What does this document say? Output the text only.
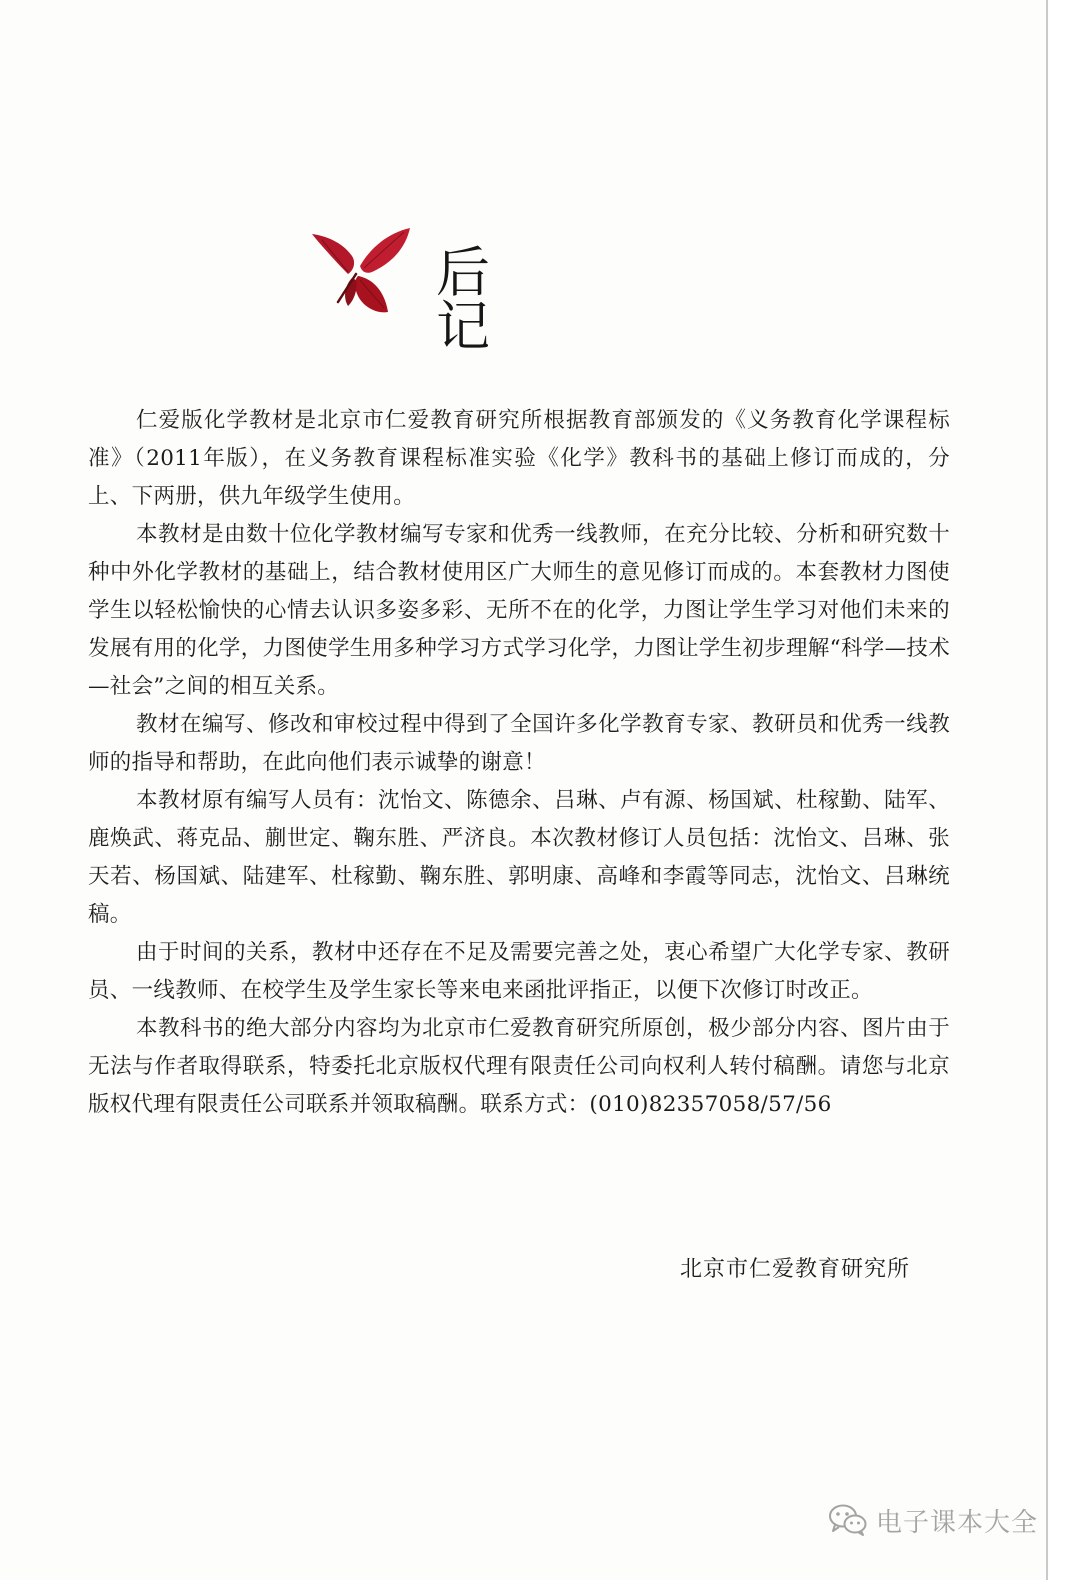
后 记

仁爱版化学教材是北京市仁爱教育研究所根据教育部颁发的《义务教育化学课程标准》（2011年版），在义务教育课程标准实验《化学》教科书的基础上修订而成的，分上、下两册，供九年级学生使用。

本教材是由数十位化学教材编写专家和优秀一线教师，在充分比较、分析和研究数十种中外化学教材的基础上，结合教材使用区广大师生的意见修订而成的。本套教材力图使学生以轻松愉快的心情去认识多姿多彩、无所不在的化学，力图让学生学习对他们未来的发展有用的化学，力图使学生用多种学习方式学习化学，力图让学生初步理解“科学—技术—社会”之间的相互关系。

教材在编写、修改和审校过程中得到了全国许多化学教育专家、教研员和优秀一线教师的指导和帮助，在此向他们表示诚挚的谢意！

本教材原有编写人员有：沈怡文、陈德余、吕琳、卢有源、杨国斌、杜稼勤、陆军、鹿焕武、蒋克品、蒯世定、鞠东胜、严济良。本次教材修订人员包括：沈怡文、吕琳、张天若、杨国斌、陆建军、杜稼勤、鞠东胜、郭明康、高峰和李霞等同志，沈怡文、吕琳统稿。

由于时间的关系，教材中还存在不足及需要完善之处，衷心希望广大化学专家、教研员、一线教师、在校学生及学生家长等来电来函批评指正，以便下次修订时改正。

本教科书的绝大部分内容均为北京市仁爱教育研究所原创，极少部分内容、图片由于无法与作者取得联系，特委托北京版权代理有限责任公司向权利人转付稿酬。请您与北京版权代理有限责任公司联系并领取稿酬。联系方式：(010)82357058/57/56

北京市仁爱教育研究所
电子课本大全
